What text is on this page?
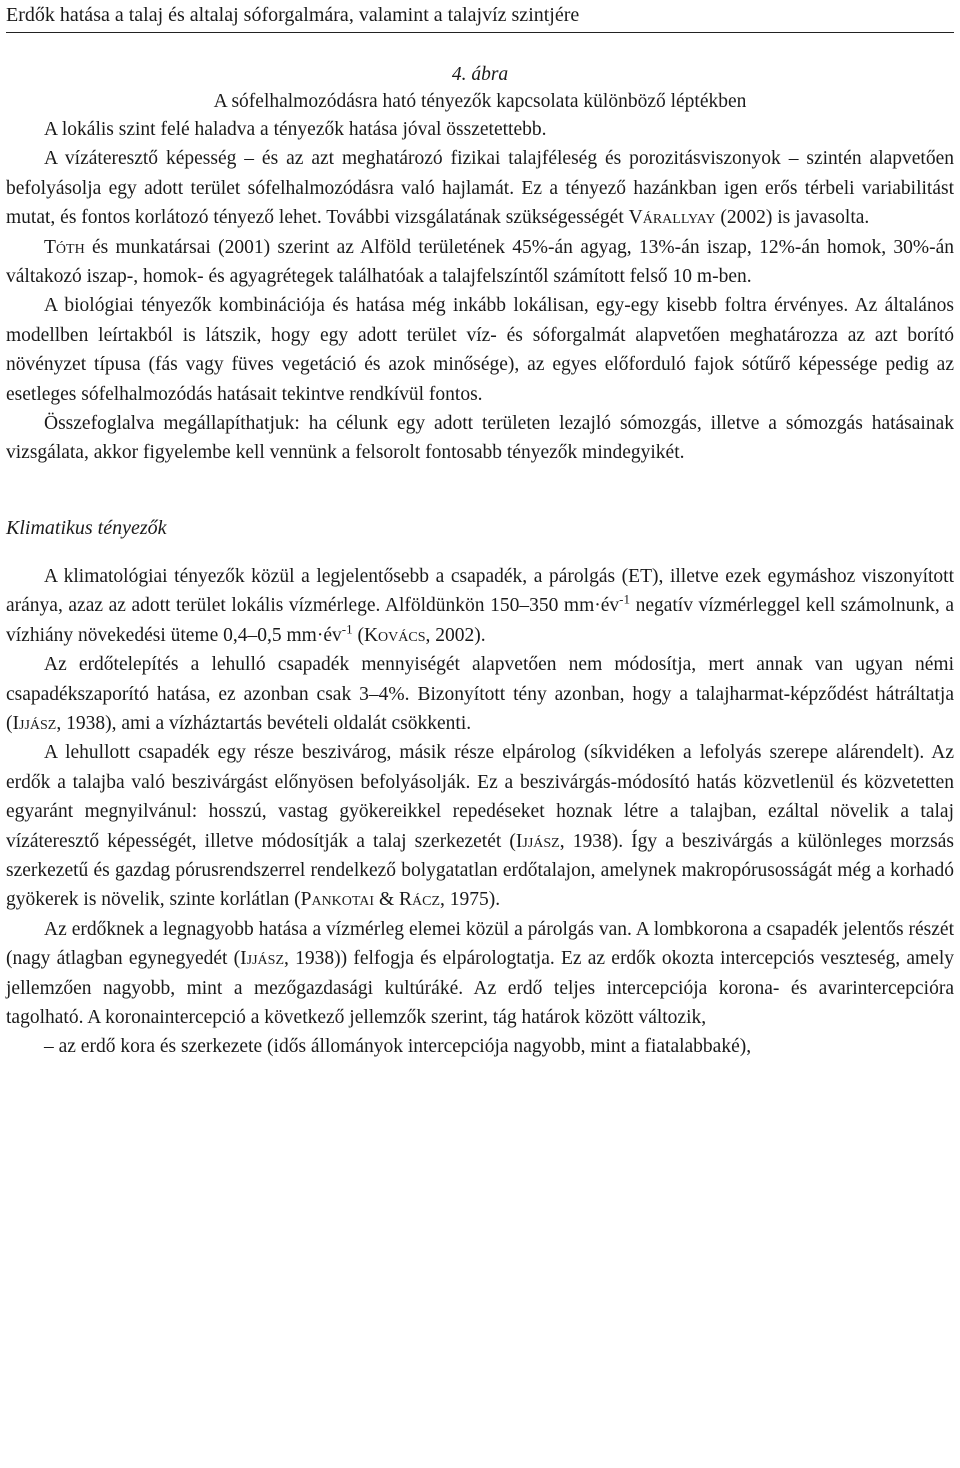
Erdők hatása a talaj és altalaj sóforgalmára, valamint a talajvíz szintjére
4. ábra
A sófelhalmozódásra ható tényezők kapcsolata különböző léptékben

A lokális szint felé haladva a tényezők hatása jóval összetettebb.

A vízáteresztő képesség – és az azt meghatározó fizikai talajféleség és porozitásviszonyok – szintén alapvetően befolyásolja egy adott terület sófelhalmozódásra való hajlamát. Ez a tényező hazánkban igen erős térbeli variabilitást mutat, és fontos korlátozó tényező lehet. További vizsgálatának szükségességét Várallyay (2002) is javasolta.

Tóth és munkatársai (2001) szerint az Alföld területének 45%-án agyag, 13%-án iszap, 12%-án homok, 30%-án váltakozó iszap-, homok- és agyagrétegek találhatóak a talajfelszíntől számított felső 10 m-ben.

A biológiai tényezők kombinációja és hatása még inkább lokálisan, egy-egy kisebb foltra érvényes. Az általános modellben leírtakból is látszik, hogy egy adott terület víz- és sóforgalmát alapvetően meghatározza az azt borító növényzet típusa (fás vagy füves vegetáció és azok minősége), az egyes előforduló fajok sótűrő képessége pedig az esetleges sófelhalmozódás hatásait tekintve rendkívül fontos.

Összefoglalva megállapíthatjuk: ha célunk egy adott területen lezajló sómozgás, illetve a sómozgás hatásainak vizsgálata, akkor figyelembe kell vennünk a felsorolt fontosabb tényezők mindegyikét.

Klimatikus tényezők

A klimatológiai tényezők közül a legjelentősebb a csapadék, a párolgás (ET), illetve ezek egymáshoz viszonyított aránya, azaz az adott terület lokális vízmérlege. Alföldünkön 150–350 $mm\cdot év^{-1}$ negatív vízmérleggel kell számolnunk, a vízhiány növekedési üteme 0,4–0,5 $mm\cdot év^{-1}$ (Kovács, 2002).

Az erdőtelepítés a lehulló csapadék mennyiségét alapvetően nem módosítja, mert annak van ugyan némi csapadékszaporító hatása, ez azonban csak 3–4%. Bizonyított tény azonban, hogy a talajharmat-képződést hátráltatja (Ijjász, 1938), ami a vízháztartás bevételi oldalát csökkenti.

A lehullott csapadék egy része beszivárog, másik része elpárolog (síkvidéken a lefolyás szerepe alárendelt). Az erdők a talajba való beszivárgást előnyösen befolyásolják. Ez a beszivárgás-módosító hatás közvetlenül és közvetetten egyaránt megnyilvánul: hosszú, vastag gyökereikkel repedéseket hoznak létre a talajban, ezáltal növelik a talaj vízáteresztő képességét, illetve módosítják a talaj szerkezetét (Ijjász, 1938). Így a beszivárgás a különleges morzsás szerkezetű és gazdag pórusrendszerrel rendelkező bolygatatlan erdőtalajon, amelynek makropórusosságát még a korhadó gyökerek is növelik, szinte korlátlan (Pankotai & Rácz, 1975).

Az erdőknek a legnagyobb hatása a vízmérleg elemei közül a párolgás van. A lombkorona a csapadék jelentős részét (nagy átlagban egynegyedét (Ijjász, 1938)) felfogja és elpárologtatja. Ez az erdők okozta intercepciós veszteség, amely jellemzően nagyobb, mint a mezőgazdasági kultúráké. Az erdő teljes intercepciója korona- és avarintercepcióra tagolható. A koronaintercepció a következő jellemzők szerint, tág határok között változik,

– az erdő kora és szerkezete (idős állományok intercepciója nagyobb, mint a fiatalabbaké),
